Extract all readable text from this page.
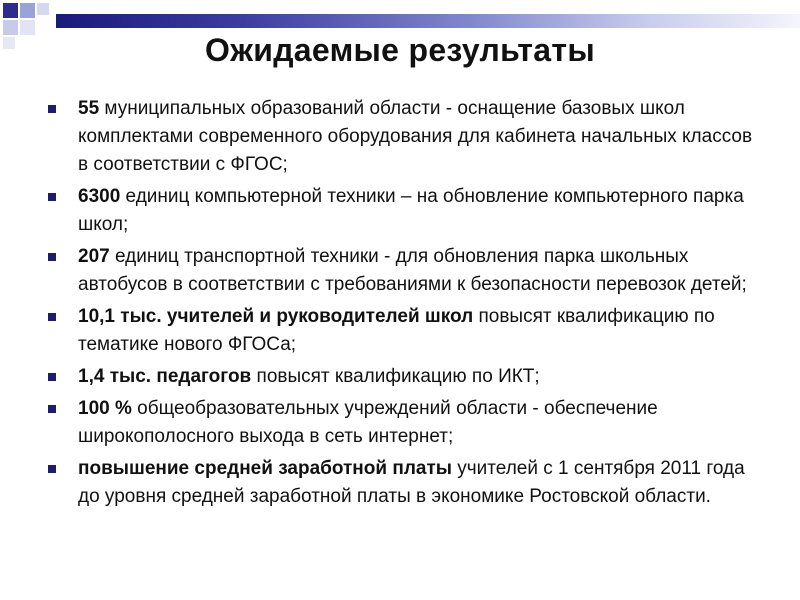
Ожидаемые результаты
55 муниципальных образований области - оснащение базовых школ комплектами современного оборудования для кабинета начальных классов в соответствии с ФГОС;
6300 единиц компьютерной техники – на обновление компьютерного парка школ;
207 единиц транспортной техники - для обновления парка школьных автобусов в соответствии с требованиями к безопасности перевозок детей;
10,1 тыс. учителей и руководителей школ повысят квалификацию по тематике нового ФГОСа;
1,4 тыс. педагогов повысят квалификацию по ИКТ;
100 % общеобразовательных учреждений области - обеспечение широкополосного выхода в сеть интернет;
повышение средней заработной платы учителей с 1 сентября 2011 года до уровня средней заработной платы в экономике Ростовской области.
